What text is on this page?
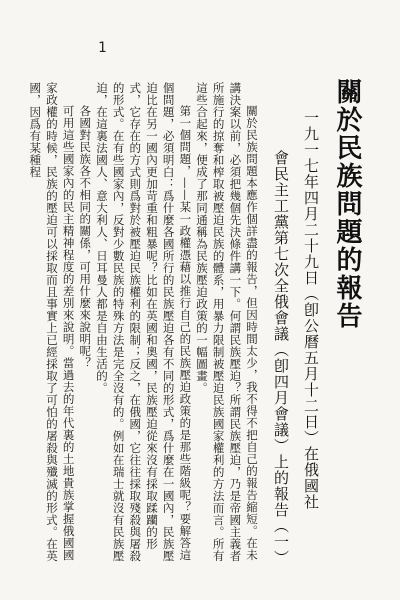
1
關於民族問題的報告
一九一七年四月二十九日（卽公曆五月十二日）在俄國社
會民主工黨第七次全俄會議（卽四月會議）上的報告（一）

關於民族問題本應作個詳盡的報告，但因時間太少，我不得不把自己的報告縮短。在未講決案以前，必須把幾個先決條件講一下。何謂民族壓迫？所謂民族壓迫，乃是帝國主義者所施行的掠奪和榨取被壓迫民族的體系，用暴力限制被壓迫民族國家權利的方法而言。所有這些合起來，便成了那同通稱為民族壓迫政策的一幅圖畫。

第一個問題，——某一政權憑藉以推行自己的民族壓迫政策的是那些階級呢？要解答這個問題，必須明白：爲什麼各國所行的民族壓迫各有不同的形式，爲什麼在一國內，民族壓迫比在另一國內更加苛重和粗暴呢？比如在英國和奧國，民族壓迫從來沒有採取蹂躪的形式，它存在的方式則爲對於被壓迫民族權利的限制；反之，在俄國，它往往採取殘殺與屠殺的形式。在有些國家內，反對少數民族的特殊方法是完全沒有的。例如在瑞士就沒有民族壓迫，在這裏法國人、意大利人、日耳曼人都是自由生活的。

各國對民族各不相同的關係，可用什麼來說明呢？

可用這些國家內的民主精神程度的差別來說明。當過去的年代裏的土地貴族掌握俄國國家政權的時候，民族的壓迫可以採取而且事實上已經採取了可怕的屠殺與殲滅的形式。在英國，因爲有某種程
